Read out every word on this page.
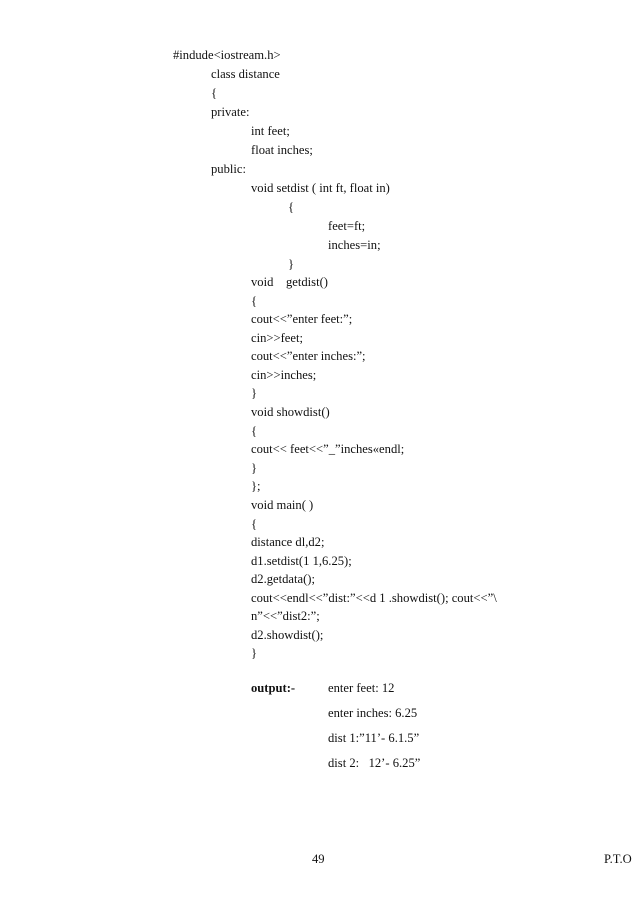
#indude<iostream.h>
class distance
{
private:
int feet;
float inches;
public:
void setdist ( int ft, float in)
{
feet=ft;
inches=in;
}
void    getdist()
{
cout<<”enter feet:”;
cin>>feet;
cout<<”enter inches:”;
cin>>inches;
}
void showdist()
{
cout<< feet<<”_”inches«endl;
}
};
void main( )
{
distance dl,d2;
d1.setdist(1 1,6.25);
d2.getdata();
cout<<endl<<”dist:”<<d 1 .showdist(); cout<<”\
n”<<”dist2:”;
d2.showdist();
}
output:-	enter feet: 12
enter inches: 6.25
dist 1:”11’- 6.1.5”
dist 2:   12’- 6.25”
49	P.T.O
